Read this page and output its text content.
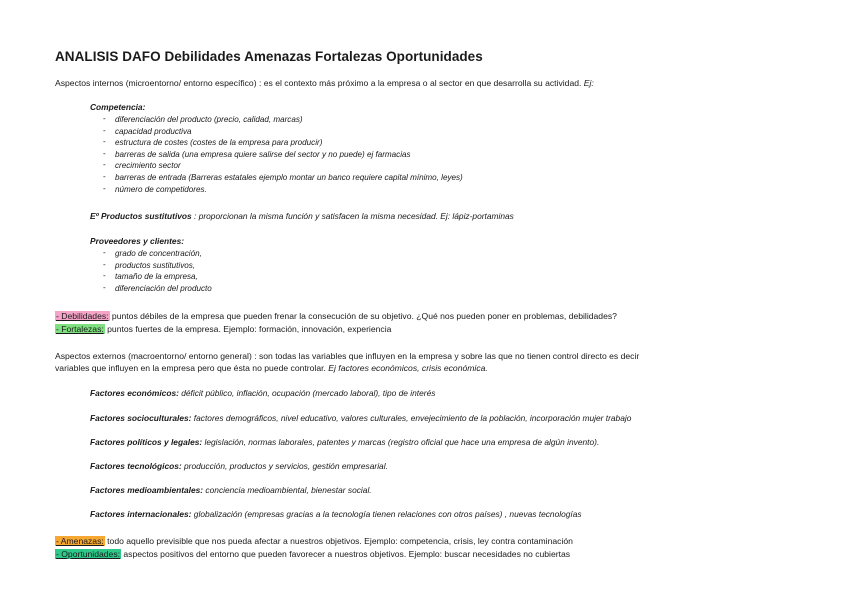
ANALISIS DAFO Debilidades Amenazas Fortalezas Oportunidades
Aspectos internos (microentorno/ entorno específico) : es el contexto más próximo a la empresa o al sector en que desarrolla su actividad. Ej:
Competencia:
- diferenciación del producto (precio, calidad, marcas)
- capacidad productiva
- estructura de costes (costes de la empresa para producir)
- barreras de salida (una empresa quiere salirse del sector y no puede) ej farmacias
- crecimiento sector
- barreras de entrada (Barreras estatales ejemplo montar un banco requiere capital mínimo, leyes)
- número de competidores.
Eº Productos sustitutivos : proporcionan la misma función y satisfacen la misma necesidad. Ej: lápiz-portaminas
Proveedores y clientes:
- grado de concentración,
- productos sustitutivos,
- tamaño de la empresa,
- diferenciación del producto
- Debilidades: puntos débiles de la empresa que pueden frenar la consecución de su objetivo. ¿Qué nos pueden poner en problemas, debilidades?
- Fortalezas: puntos fuertes de la empresa. Ejemplo: formación, innovación, experiencia
Aspectos externos (macroentorno/ entorno general) : son todas las variables que influyen en la empresa y sobre las que no tienen control directo es decir
variables que influyen en la empresa pero que ésta no puede controlar. Ej factores económicos, crisis económica.
Factores económicos: déficit público, inflación, ocupación (mercado laboral), tipo de interés
Factores socioculturales: factores demográficos, nivel educativo, valores culturales, envejecimiento de la población, incorporación mujer trabajo
Factores políticos y legales: legislación, normas laborales, patentes y marcas (registro oficial que hace una empresa de algún invento).
Factores tecnológicos: producción, productos y servicios, gestión empresarial.
Factores medioambientales: conciencia medioambiental, bienestar social.
Factores internacionales: globalización (empresas gracias a la tecnología tienen relaciones con otros países) , nuevas tecnologías
- Amenazas: todo aquello previsible que nos pueda afectar a nuestros objetivos. Ejemplo: competencia, crisis, ley contra contaminación
- Oportunidades: aspectos positivos del entorno que pueden favorecer a nuestros objetivos. Ejemplo: buscar necesidades no cubiertas
